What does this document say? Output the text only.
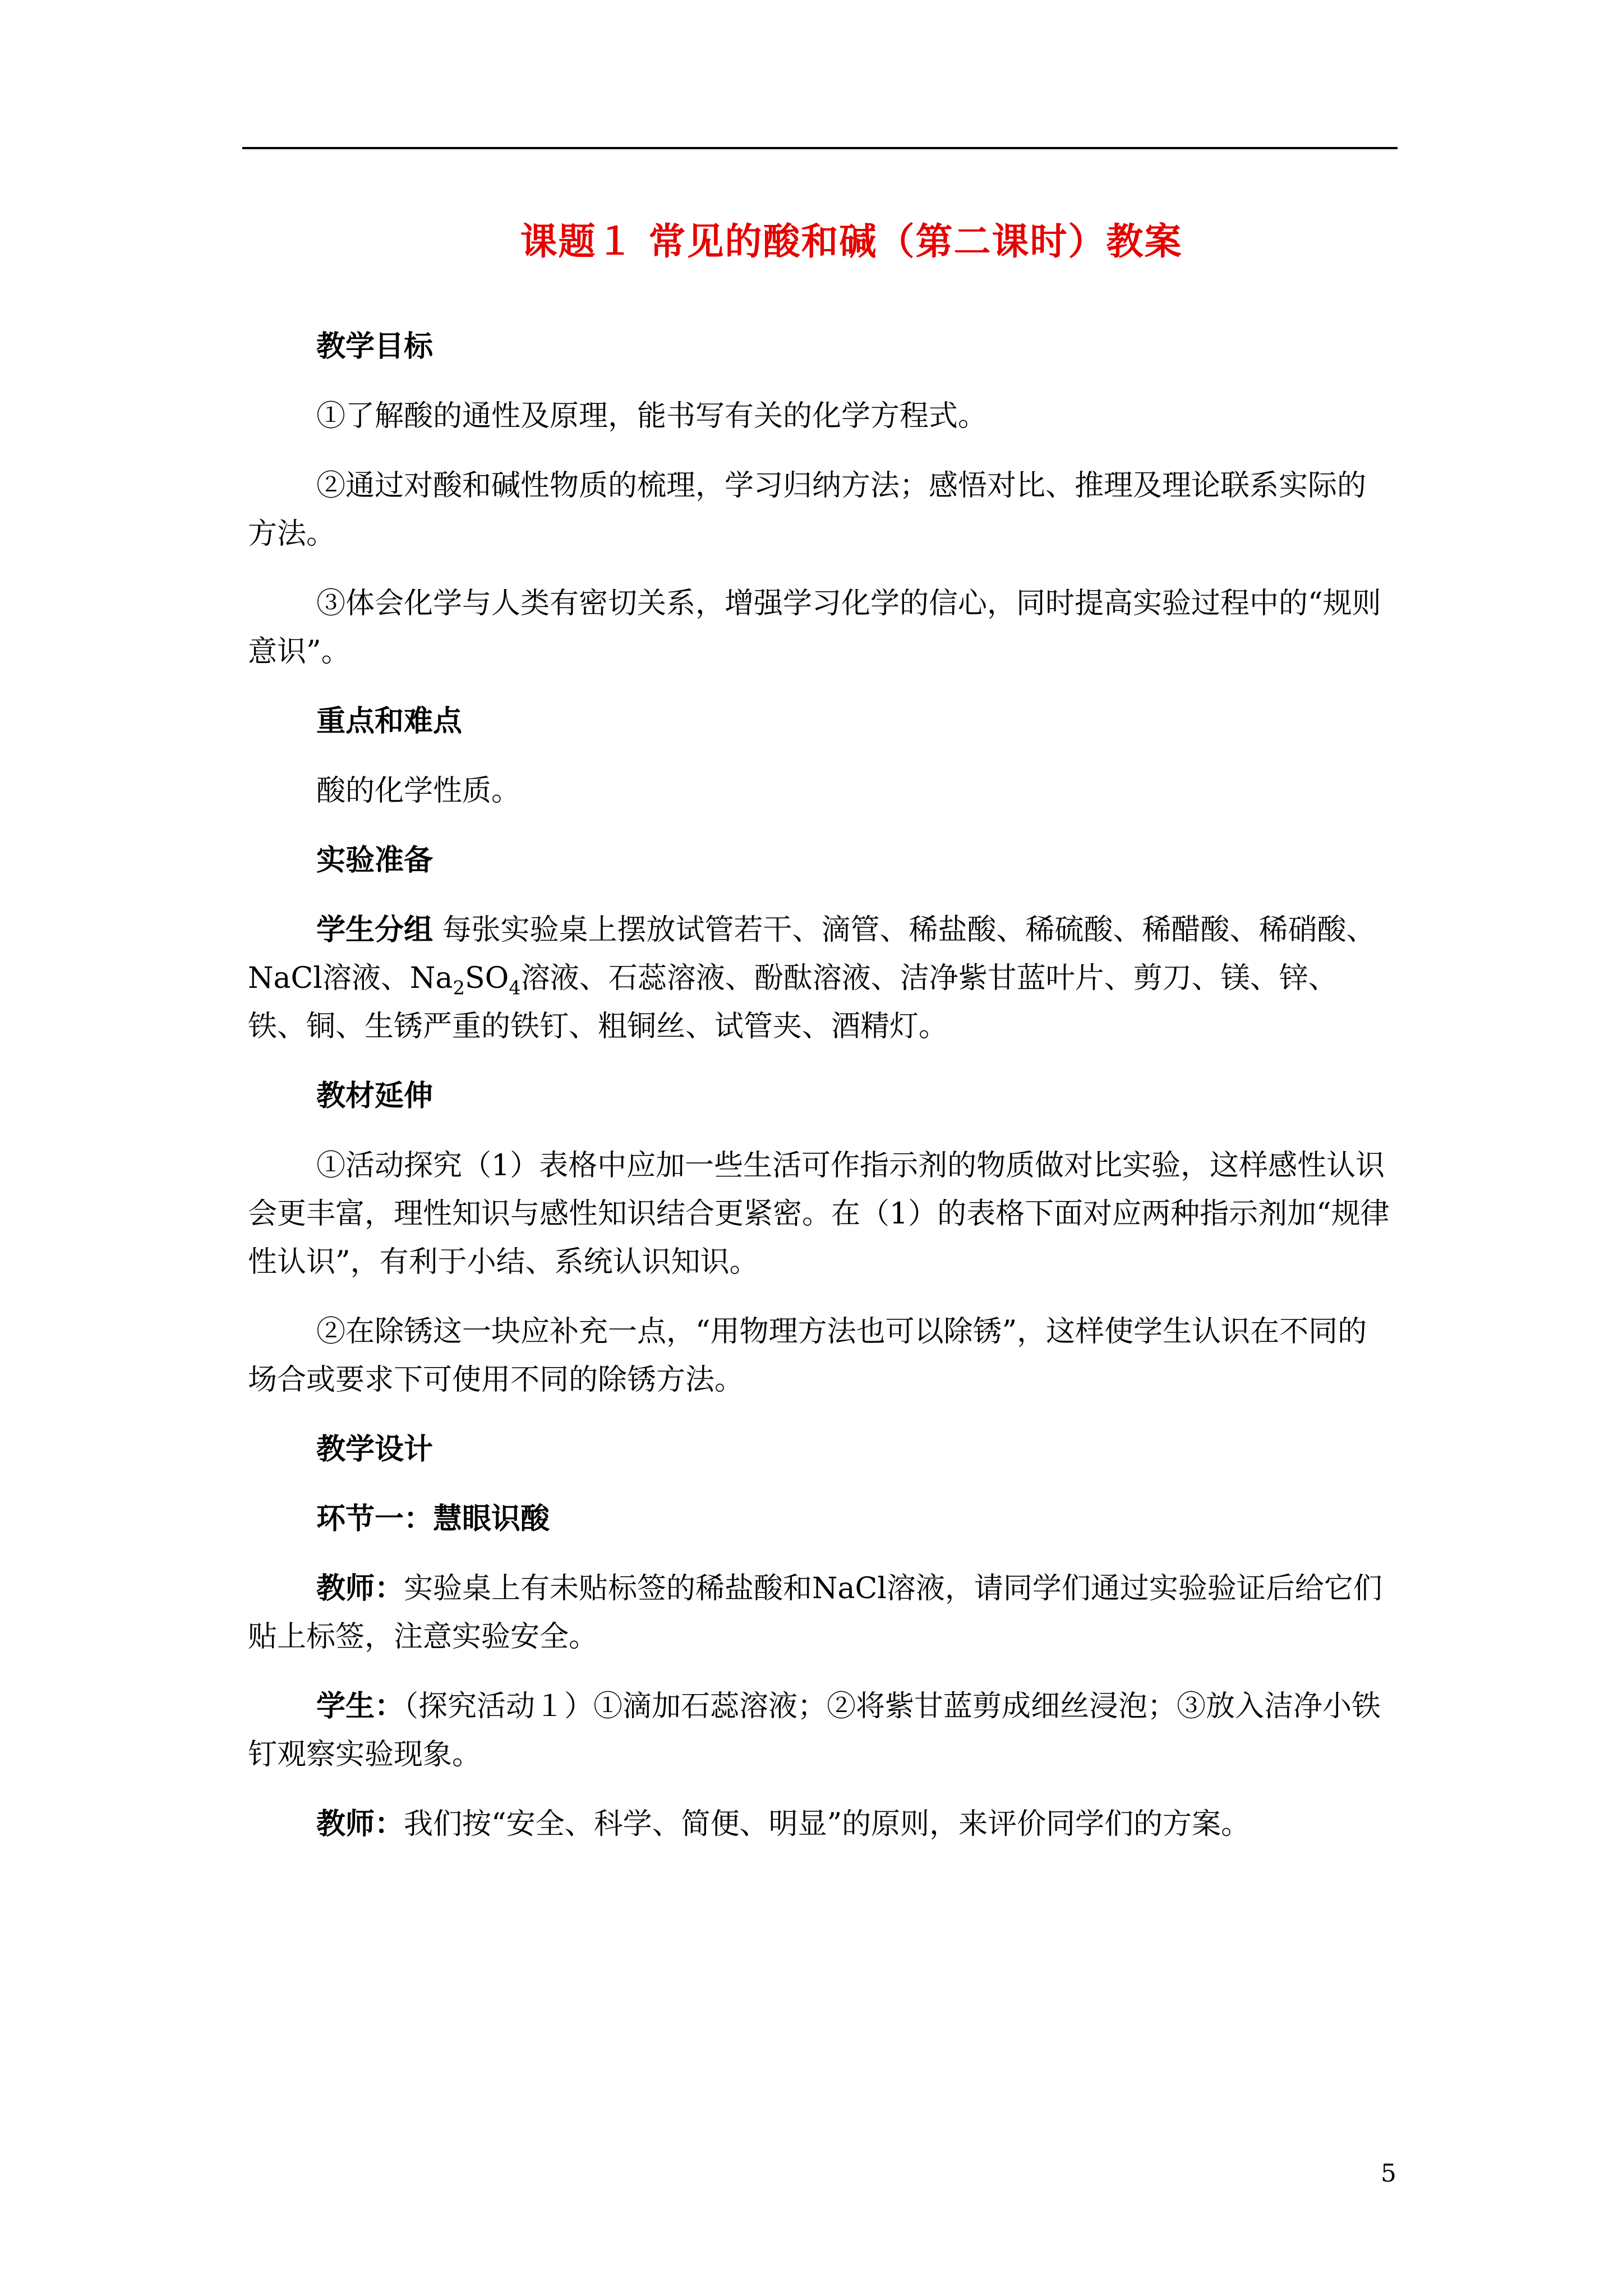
课题１ 常见的酸和碱（第二课时）教案

教学目标

①了解酸的通性及原理，能书写有关的化学方程式。

②通过对酸和碱性物质的梳理，学习归纳方法；感悟对比、推理及理论联系实际的方法。

③体会化学与人类有密切关系，增强学习化学的信心，同时提高实验过程中的“规则意识”。

重点和难点

酸的化学性质。

实验准备

学生分组 每张实验桌上摆放试管若干、滴管、稀盐酸、稀硫酸、稀醋酸、稀硝酸、NaCl溶液、$Na_2SO_4$溶液、石蕊溶液、酚酞溶液、洁净紫甘蓝叶片、剪刀、镁、锌、铁、铜、生锈严重的铁钉、粗铜丝、试管夹、酒精灯。

教材延伸

①活动探究（1）表格中应加一些生活可作指示剂的物质做对比实验，这样感性认识会更丰富，理性知识与感性知识结合更紧密。在（1）的表格下面对应两种指示剂加“规律性认识”，有利于小结、系统认识知识。

②在除锈这一块应补充一点，“用物理方法也可以除锈”，这样使学生认识在不同的场合或要求下可使用不同的除锈方法。

教学设计

环节一：慧眼识酸

教师：实验桌上有未贴标签的稀盐酸和NaCl溶液，请同学们通过实验验证后给它们贴上标签，注意实验安全。

学生：（探究活动１）①滴加石蕊溶液；②将紫甘蓝剪成细丝浸泡；③放入洁净小铁钉观察实验现象。

教师：我们按“安全、科学、简便、明显”的原则，来评价同学们的方案。

5
